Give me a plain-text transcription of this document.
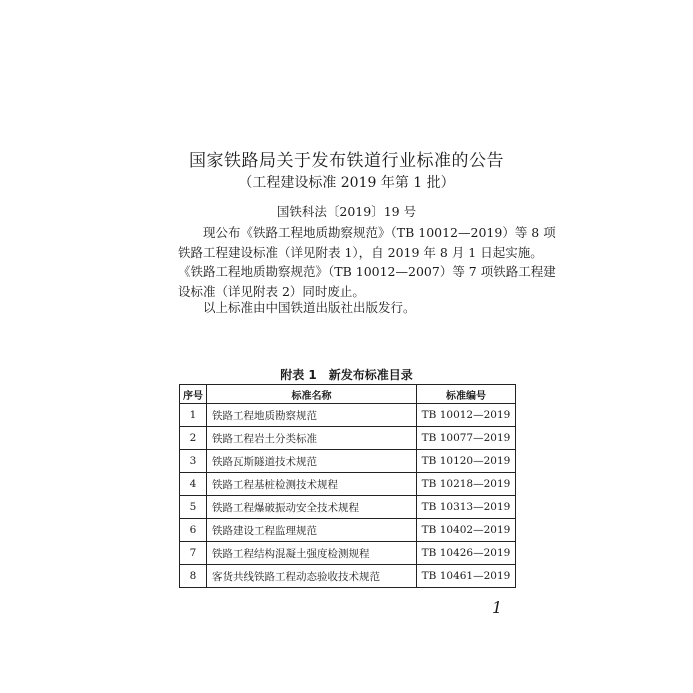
国家铁路局关于发布铁道行业标准的公告
（工程建设标准 2019 年第 1 批）
国铁科法〔2019〕19 号
现公布《铁路工程地质勘察规范》（TB 10012—2019）等 8 项
铁路工程建设标准（详见附表 1），自 2019 年 8 月 1 日起实施。
《铁路工程地质勘察规范》（TB 10012—2007）等 7 项铁路工程建
设标准（详见附表 2）同时废止。
以上标准由中国铁道出版社出版发行。
附表 1　新发布标准目录
序号	标准名称	标准编号
1	铁路工程地质勘察规范	TB 10012—2019
2	铁路工程岩土分类标准	TB 10077—2019
3	铁路瓦斯隧道技术规范	TB 10120—2019
4	铁路工程基桩检测技术规程	TB 10218—2019
5	铁路工程爆破振动安全技术规程	TB 10313—2019
6	铁路建设工程监理规范	TB 10402—2019
7	铁路工程结构混凝土强度检测规程	TB 10426—2019
8	客货共线铁路工程动态验收技术规范	TB 10461—2019
1
